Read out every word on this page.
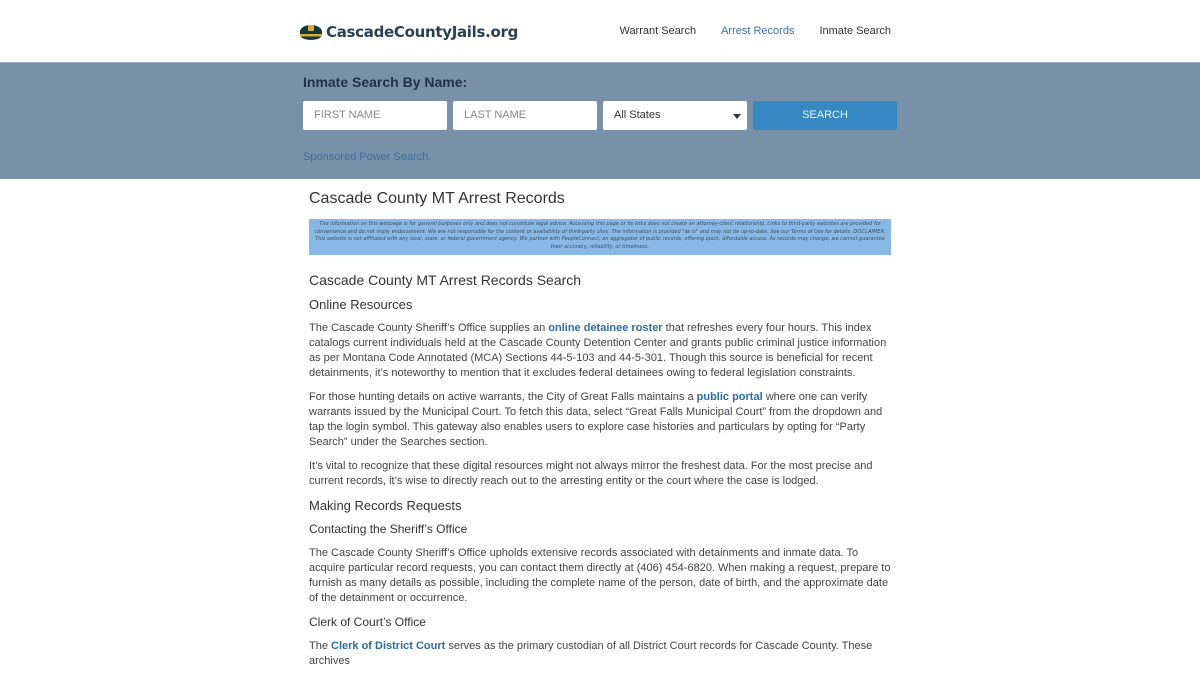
CascadeCountyJails.org	Warrant Search Arrest Records Inmate Search
Inmate Search By Name:
FIRST NAME	LAST NAME	All States	SEARCH
Sponsored Power Search.
Cascade County MT Arrest Records
The information on this webpage is for general purposes only and does not constitute legal advice. Accessing this page or its links does not create an attorney-client relationship. Links to third-party websites are provided for convenience and do not imply endorsement. We are not responsible for the content or availability of third-party sites. The information is provided "as is" and may not be up-to-date. See our Terms of Use for details. DISCLAIMER: This website is not affiliated with any local, state, or federal government agency. We partner with PeopleConnect, an aggregator of public records, offering quick, affordable access. As records may change, we cannot guarantee their accuracy, reliability, or timeliness.
Cascade County MT Arrest Records Search
Online Resources

The Cascade County Sheriff’s Office supplies an online detainee roster that refreshes every four hours. This index catalogs current individuals held at the Cascade County Detention Center and grants public criminal justice information as per Montana Code Annotated (MCA) Sections 44-5-103 and 44-5-301. Though this source is beneficial for recent detainments, it’s noteworthy to mention that it excludes federal detainees owing to federal legislation constraints.

For those hunting details on active warrants, the City of Great Falls maintains a public portal where one can verify warrants issued by the Municipal Court. To fetch this data, select “Great Falls Municipal Court” from the dropdown and tap the login symbol. This gateway also enables users to explore case histories and particulars by opting for “Party Search” under the Searches section.

It’s vital to recognize that these digital resources might not always mirror the freshest data. For the most precise and current records, it’s wise to directly reach out to the arresting entity or the court where the case is lodged.

Making Records Requests
Contacting the Sheriff’s Office

The Cascade County Sheriff’s Office upholds extensive records associated with detainments and inmate data. To acquire particular record requests, you can contact them directly at (406) 454-6820. When making a request, prepare to furnish as many details as possible, including the complete name of the person, date of birth, and the approximate date of the detainment or occurrence.

Clerk of Court’s Office

The Clerk of District Court serves as the primary custodian of all District Court records for Cascade County. These archives
